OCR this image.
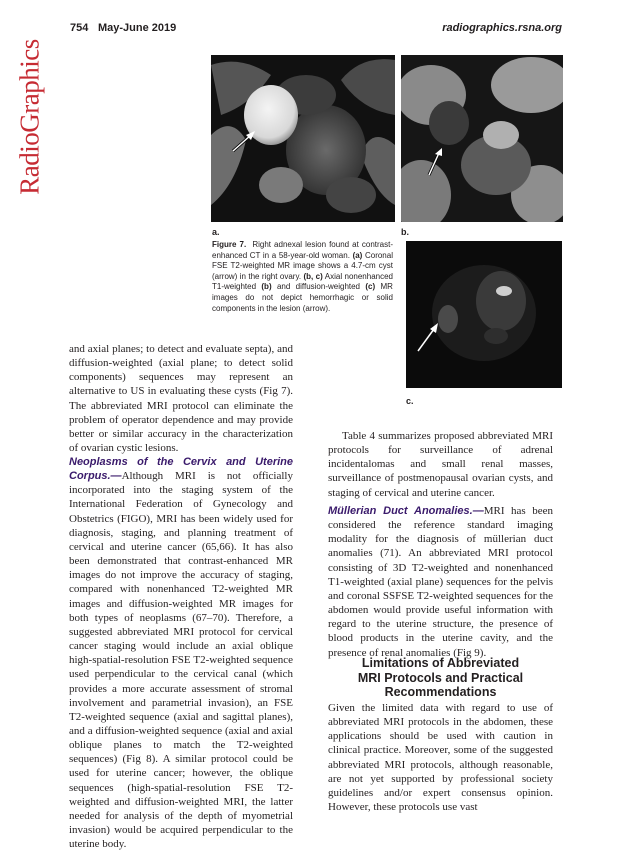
754 May-June 2019	radiographics.rsna.org
RadioGraphics
a.	b.
c.

Figure 7. Right adnexal lesion found at contrast-enhanced CT in a 58-year-old woman. (a) Coronal FSE T2-weighted MR image shows a 4.7-cm cyst (arrow) in the right ovary. (b, c) Axial nonenhanced T1-weighted (b) and diffusion-weighted (c) MR images do not depict hemorrhagic or solid components in the lesion (arrow).

and axial planes; to detect and evaluate septa), and diffusion-weighted (axial plane; to detect solid components) sequences may represent an alternative to US in evaluating these cysts (Fig 7). The abbreviated MRI protocol can eliminate the problem of operator dependence and may provide better or similar accuracy in the characterization of ovarian cystic lesions.

Neoplasms of the Cervix and Uterine Corpus.—Although MRI is not officially incorporated into the staging system of the International Federation of Gynecology and Obstetrics (FIGO), MRI has been widely used for diagnosis, staging, and planning treatment of cervical and uterine cancer (65,66). It has also been demonstrated that contrast-enhanced MR images do not improve the accuracy of staging, compared with nonenhanced T2-weighted MR images and diffusion-weighted MR images for both types of neoplasms (67–70). Therefore, a suggested abbreviated MRI protocol for cervical cancer staging would include an axial oblique high-spatial-resolution FSE T2-weighted sequence used perpendicular to the cervical canal (which provides a more accurate assessment of stromal involvement and parametrial invasion), an FSE T2-weighted sequence (axial and sagittal planes), and a diffusion-weighted sequence (axial and axial oblique planes to match the T2-weighted sequences) (Fig 8). A similar protocol could be used for uterine cancer; however, the oblique sequences (high-spatial-resolution FSE T2-weighted and diffusion-weighted MRI, the latter needed for analysis of the depth of myometrial invasion) would be acquired perpendicular to the uterine body.

Table 4 summarizes proposed abbreviated MRI protocols for surveillance of adrenal incidentalomas and small renal masses, surveillance of postmenopausal ovarian cysts, and staging of cervical and uterine cancer.

Müllerian Duct Anomalies.—MRI has been considered the reference standard imaging modality for the diagnosis of müllerian duct anomalies (71). An abbreviated MRI protocol consisting of 3D T2-weighted and nonenhanced T1-weighted (axial plane) sequences for the pelvis and coronal SSFSE T2-weighted sequences for the abdomen would provide useful information with regard to the uterine structure, the presence of blood products in the uterine cavity, and the presence of renal anomalies (Fig 9).

Limitations of Abbreviated
MRI Protocols and Practical
Recommendations

Given the limited data with regard to use of abbreviated MRI protocols in the abdomen, these applications should be used with caution in clinical practice. Moreover, some of the suggested abbreviated MRI protocols, although reasonable, are not yet supported by professional society guidelines and/or expert consensus opinion. However, these protocols use vast
